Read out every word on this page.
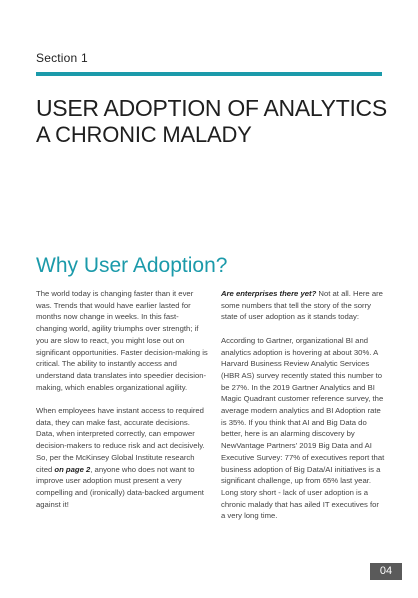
Section 1
USER ADOPTION OF ANALYTICS
A CHRONIC MALADY
Why User Adoption?

The world today is changing faster than it ever was. Trends that would have earlier lasted for months now change in weeks. In this fast-changing world, agility triumphs over strength; if you are slow to react, you might lose out on significant opportunities. Faster decision-making is critical. The ability to instantly access and understand data translates into speedier decision-making, which enables organizational agility.

When employees have instant access to required data, they can make fast, accurate decisions. Data, when interpreted correctly, can empower decision-makers to reduce risk and act decisively. So, per the McKinsey Global Institute research cited on page 2, anyone who does not want to improve user adoption must present a very compelling and (ironically) data-backed argument against it!

Are enterprises there yet? Not at all. Here are some numbers that tell the story of the sorry state of user adoption as it stands today:

According to Gartner, organizational BI and analytics adoption is hovering at about 30%. A Harvard Business Review Analytic Services (HBR AS) survey recently stated this number to be 27%. In the 2019 Gartner Analytics and BI Magic Quadrant customer reference survey, the average modern analytics and BI Adoption rate is 35%. If you think that AI and Big Data do better, here is an alarming discovery by NewVantage Partners' 2019 Big Data and AI Executive Survey: 77% of executives report that business adoption of Big Data/AI initiatives is a significant challenge, up from 65% last year. Long story short - lack of user adoption is a chronic malady that has ailed IT executives for a very long time.

04
